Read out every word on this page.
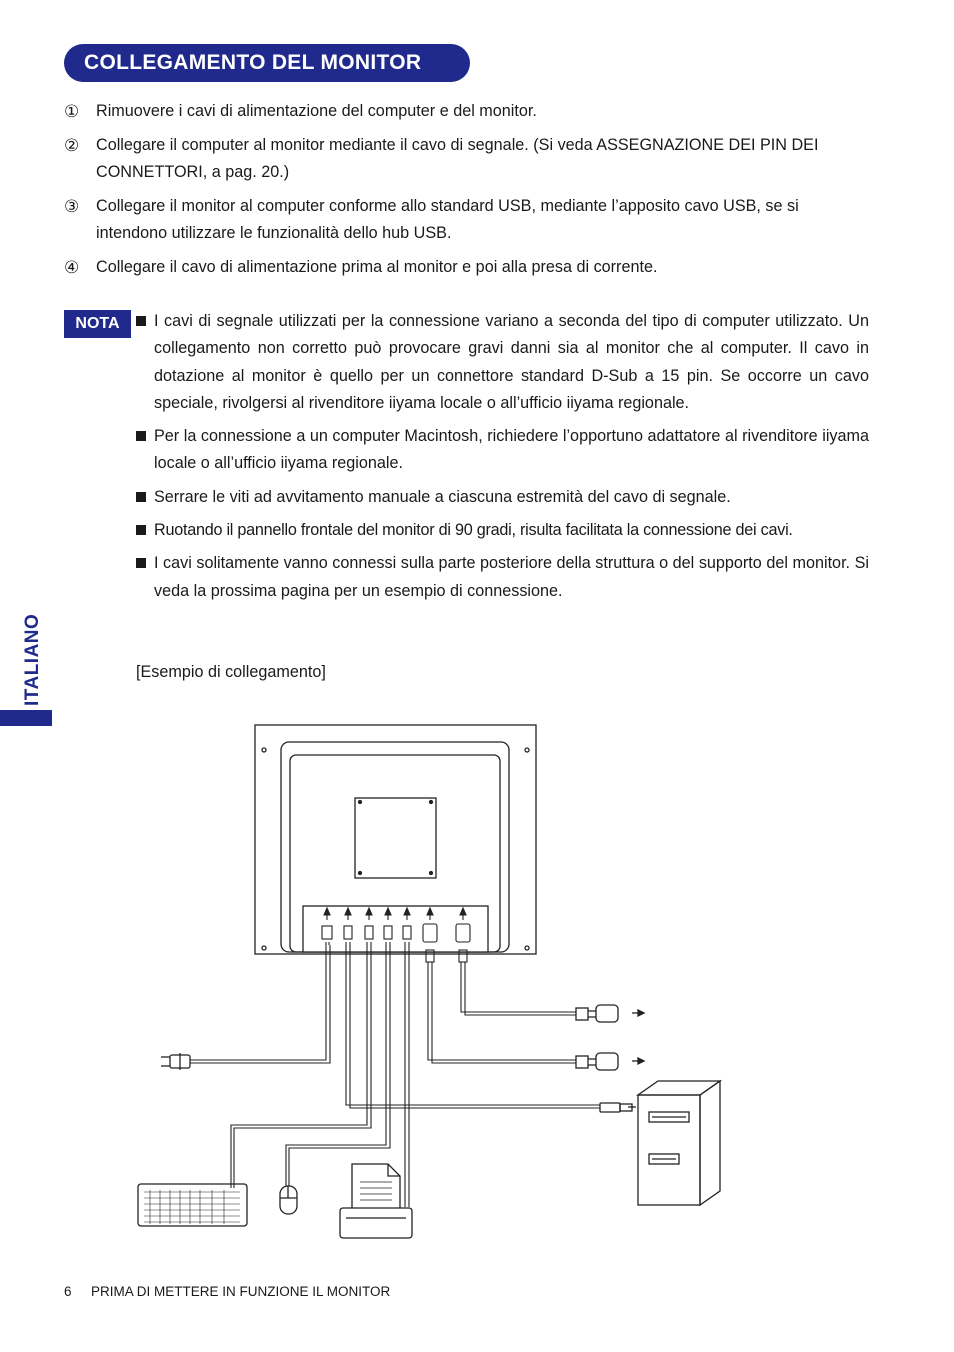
COLLEGAMENTO DEL MONITOR
① Rimuovere i cavi di alimentazione del computer e del monitor.
② Collegare il computer al monitor mediante il cavo di segnale. (Si veda ASSEGNAZIONE DEI PIN DEI CONNETTORI, a pag. 20.)
③ Collegare il monitor al computer conforme allo standard USB, mediante l’apposito cavo USB, se si intendono utilizzare le funzionalità dello hub USB.
④ Collegare il cavo di alimentazione prima al monitor e poi alla presa di corrente.
NOTA	I cavi di segnale utilizzati per la connessione variano a seconda del tipo di computer utilizzato. Un collegamento non corretto può provocare gravi danni sia al monitor che al computer. Il cavo in dotazione al monitor è quello per un connettore standard D-Sub a 15 pin. Se occorre un cavo speciale, rivolgersi al rivenditore iiyama locale o all’ufficio iiyama regionale.
Per la connessione a un computer Macintosh, richiedere l’opportuno adattatore al rivenditore iiyama locale o all’ufficio iiyama regionale.
Serrare le viti ad avvitamento manuale a ciascuna estremità del cavo di segnale.
Ruotando il pannello frontale del monitor di 90 gradi, risulta facilitata la connessione dei cavi.
I cavi solitamente vanno connessi sulla parte posteriore della struttura o del supporto del monitor. Si veda la prossima pagina per un esempio di connessione.
[Esempio di collegamento]
ITALIANO
6 PRIMA DI METTERE IN FUNZIONE IL MONITOR
